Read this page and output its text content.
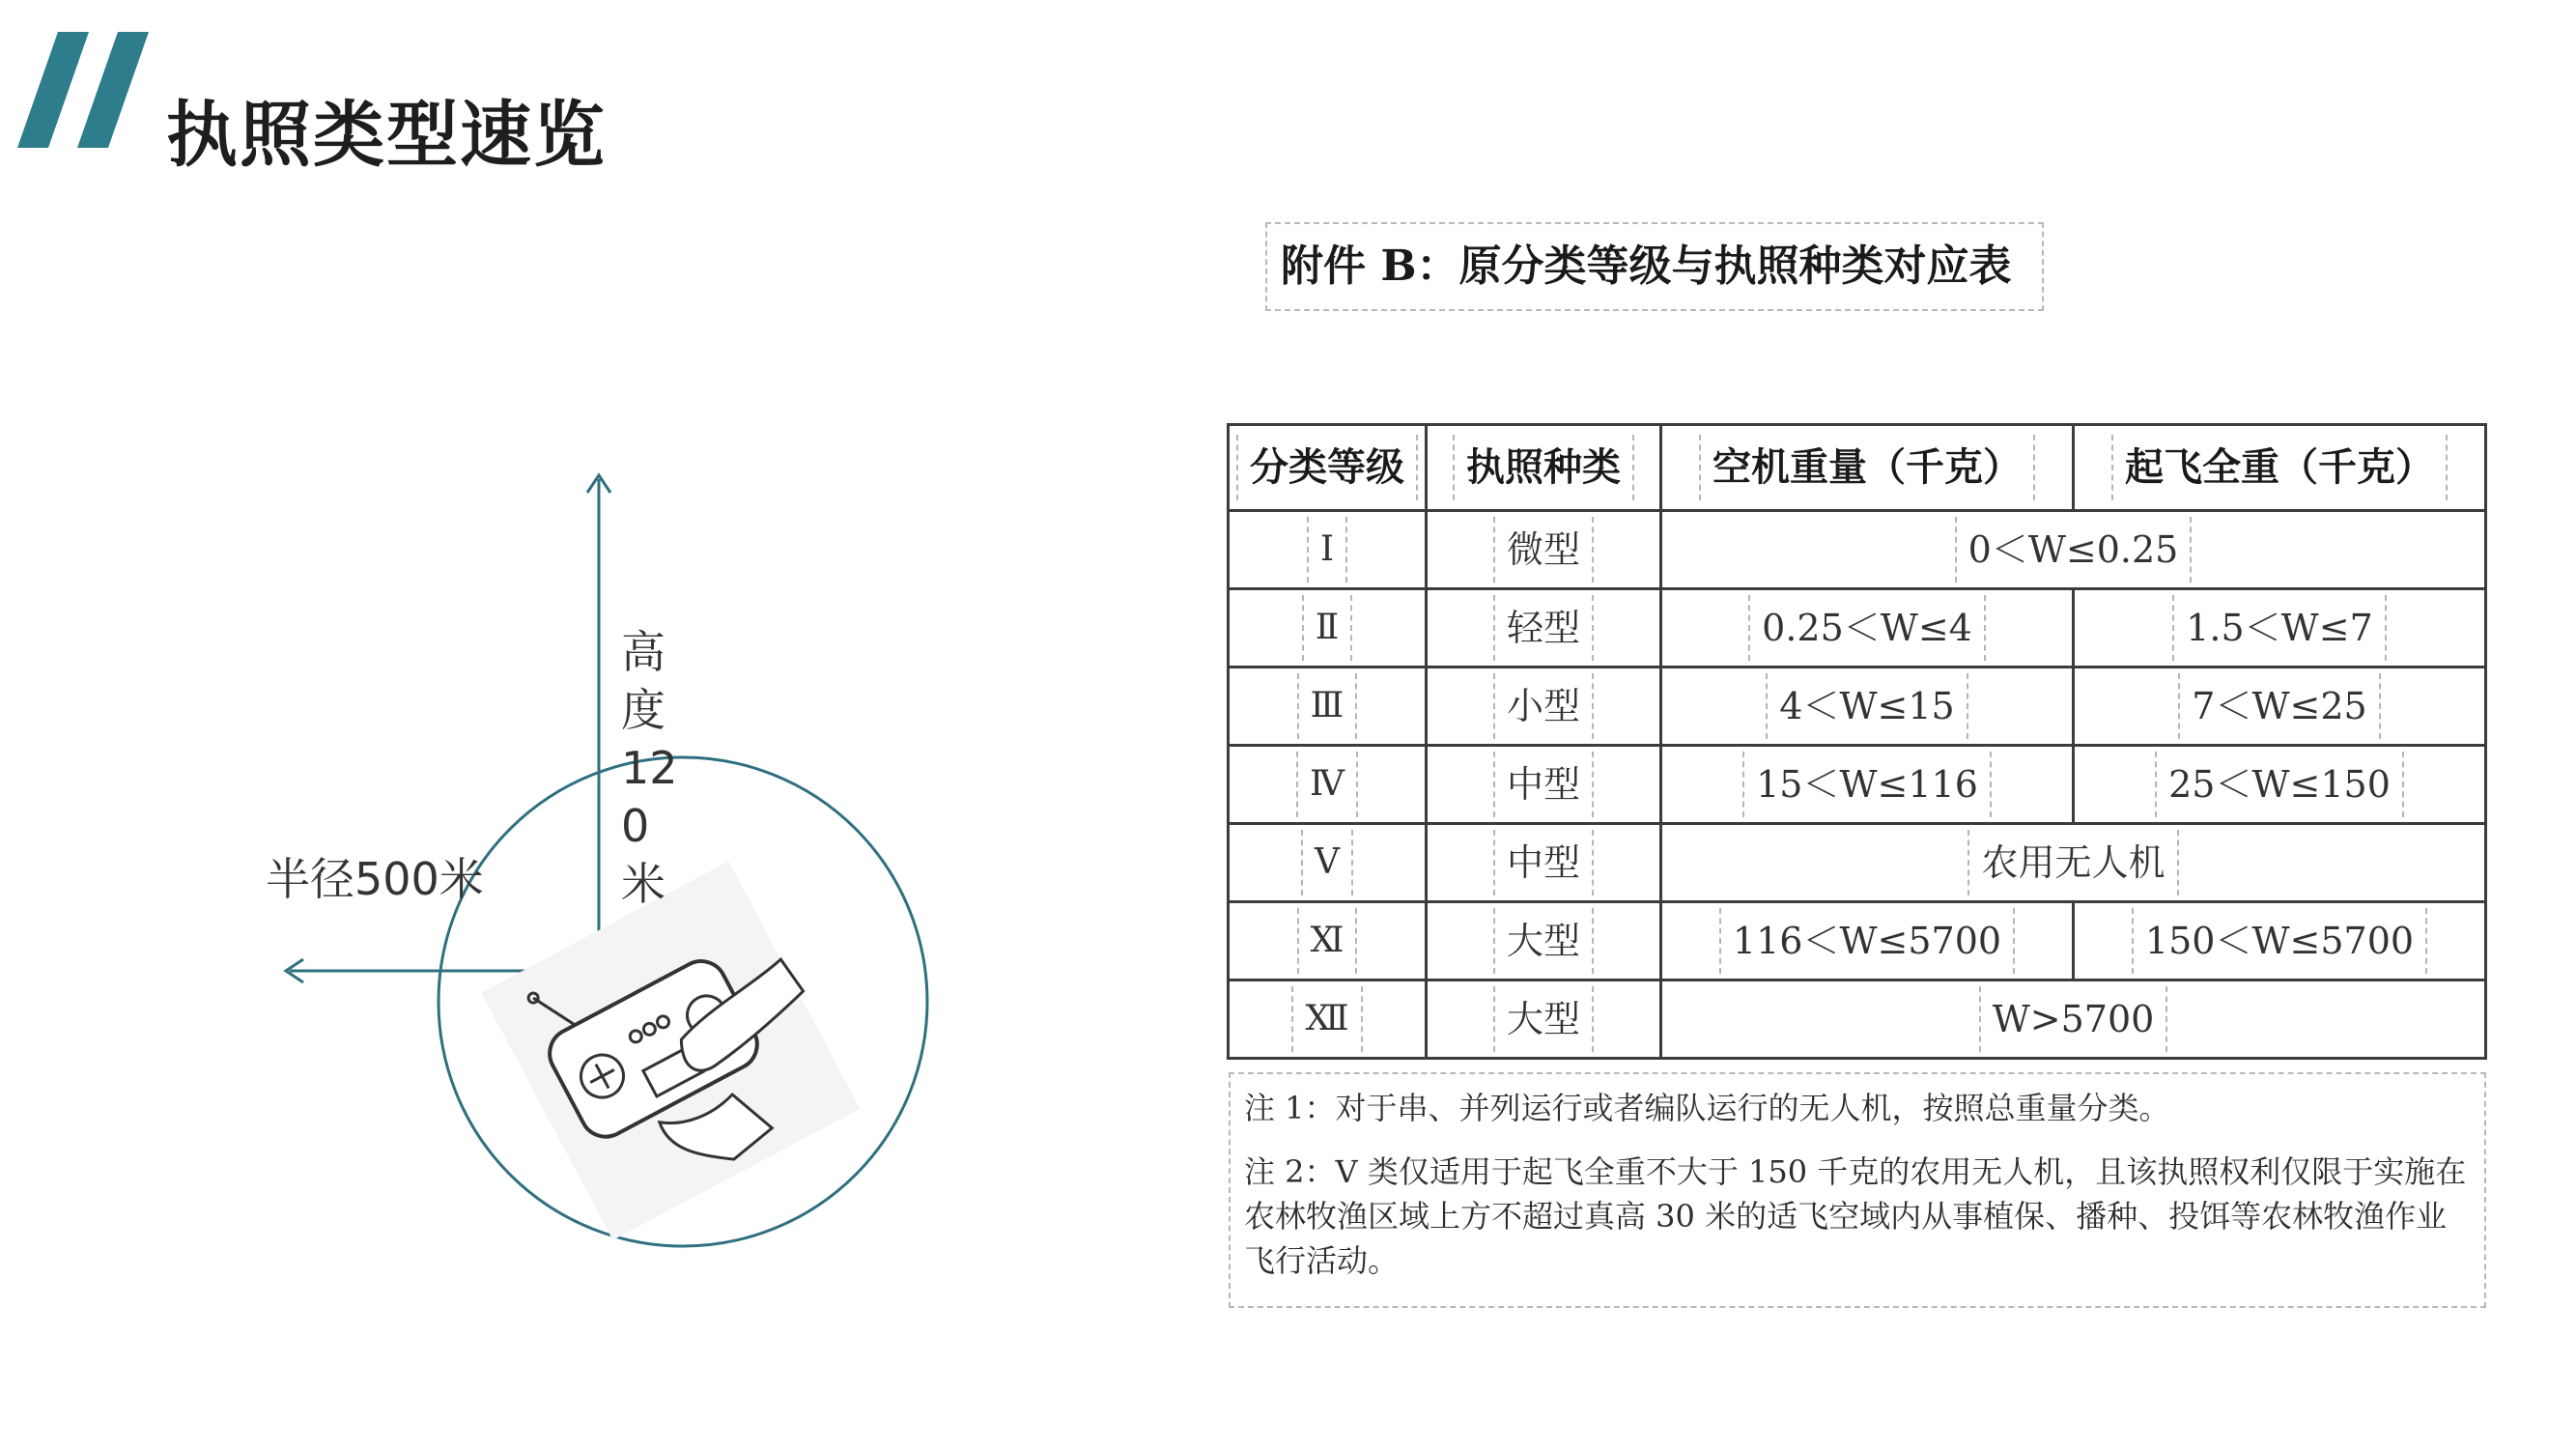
执照类型速览
高度120米
半径500米
附件 B：原分类等级与执照种类对应表
分类等级	执照种类	空机重量（千克）	起飞全重（千克）
Ⅰ	微型	0＜W≤0.25	
Ⅱ	轻型	0.25＜W≤4	1.5＜W≤7
Ⅲ	小型	4＜W≤15	7＜W≤25
Ⅳ	中型	15＜W≤116	25＜W≤150
Ⅴ	中型	农用无人机	
Ⅺ	大型	116＜W≤5700	150＜W≤5700
Ⅻ	大型	W>5700	

注 1：对于串、并列运行或者编队运行的无人机，按照总重量分类。

注 2：Ⅴ 类仅适用于起飞全重不大于 150 千克的农用无人机，且该执照权利仅限于实施在农林牧渔区域上方不超过真高 30 米的适飞空域内从事植保、播种、投饵等农林牧渔作业飞行活动。
